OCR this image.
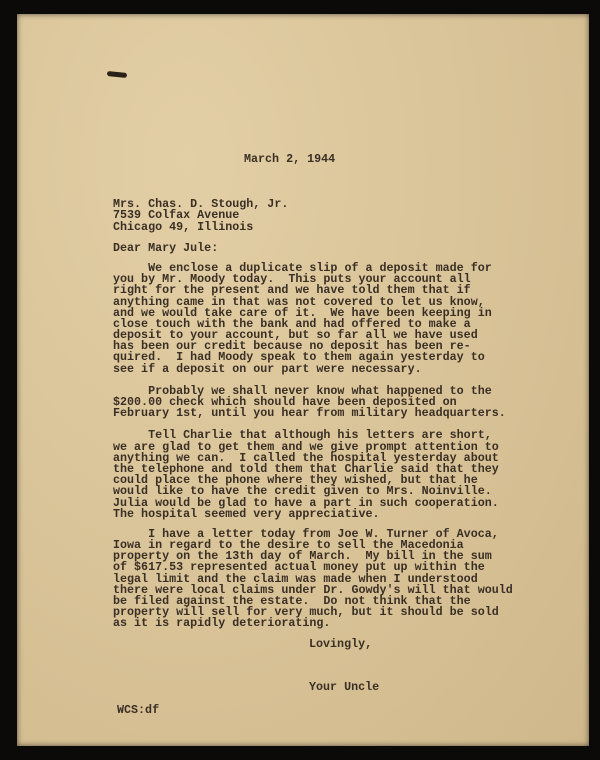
March 2, 1944
Mrs. Chas. D. Stough, Jr.
7539 Colfax Avenue
Chicago 49, Illinois
Dear Mary Jule:
We enclose a duplicate slip of a deposit made for
you by Mr. Moody today.  This puts your account all
right for the present and we have told them that if
anything came in that was not covered to let us know,
and we would take care of it.  We have been keeping in
close touch with the bank and had offered to make a
deposit to your account, but so far all we have used
has been our credit because no deposit has been re-
quired.  I had Moody speak to them again yesterday to
see if a deposit on our part were necessary.
Probably we shall never know what happened to the
$200.00 check which should have been deposited on
February 1st, until you hear from military headquarters.
Tell Charlie that although his letters are short,
we are glad to get them and we give prompt attention to
anything we can.  I called the hospital yesterday about
the telephone and told them that Charlie said that they
could place the phone where they wished, but that he
would like to have the credit given to Mrs. Noinville.
Julia would be glad to have a part in such cooperation.
The hospital seemed very appreciative.
I have a letter today from Joe W. Turner of Avoca,
Iowa in regard to the desire to sell the Macedonia
property on the 13th day of March.  My bill in the sum
of $617.53 represented actual money put up within the
legal limit and the claim was made when I understood
there were local claims under Dr. Gowdy's will that would
be filed against the estate.  Do not think that the
property will sell for very much, but it should be sold
as it is rapidly deteriorating.
Lovingly,
Your Uncle
WCS:df
